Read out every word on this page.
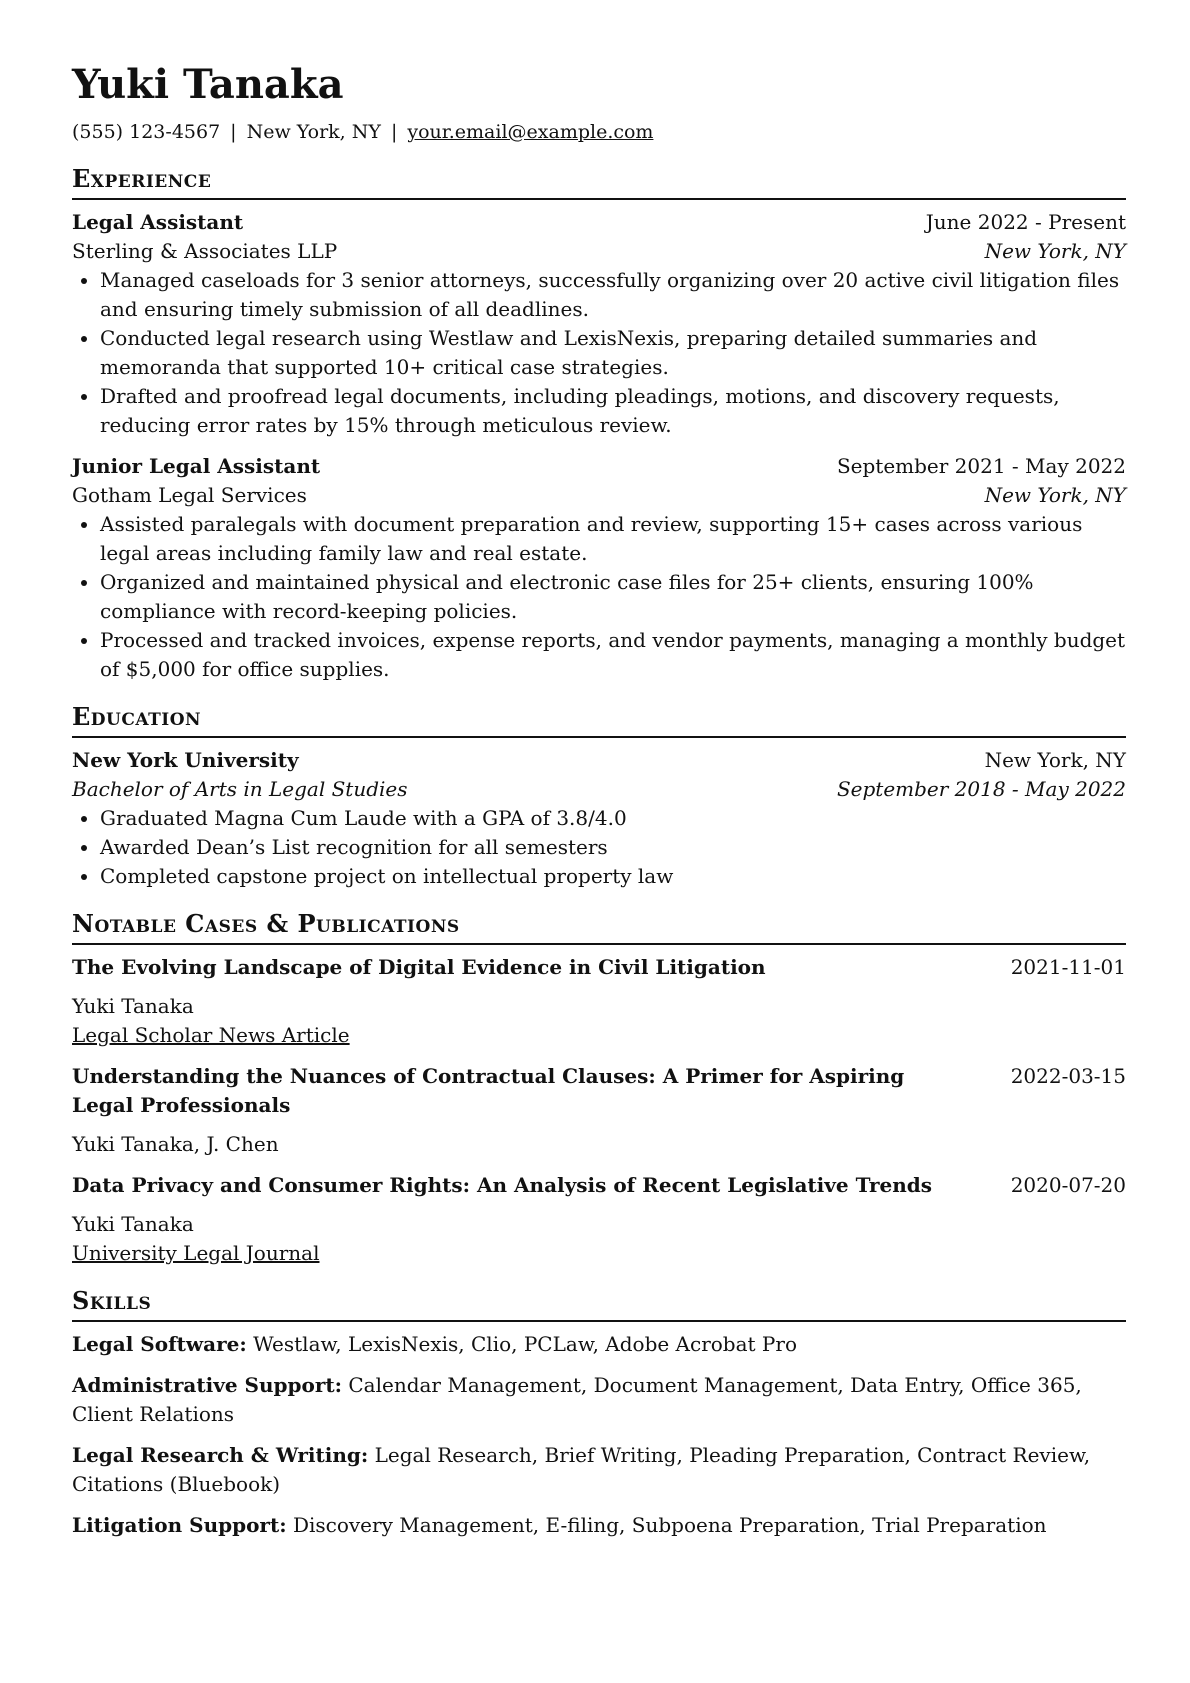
Yuki Tanaka
(555) 123-4567 | New York, NY | your.email@example.com
Experience
Legal Assistant	June 2022 - Present
Sterling & Associates LLP	New York, NY
• Managed caseloads for 3 senior attorneys, successfully organizing over 20 active civil litigation files and ensuring timely submission of all deadlines.
• Conducted legal research using Westlaw and LexisNexis, preparing detailed summaries and memoranda that supported 10+ critical case strategies.
• Drafted and proofread legal documents, including pleadings, motions, and discovery requests, reducing error rates by 15% through meticulous review.
Junior Legal Assistant	September 2021 - May 2022
Gotham Legal Services	New York, NY
• Assisted paralegals with document preparation and review, supporting 15+ cases across various legal areas including family law and real estate.
• Organized and maintained physical and electronic case files for 25+ clients, ensuring 100% compliance with record-keeping policies.
• Processed and tracked invoices, expense reports, and vendor payments, managing a monthly budget of $5,000 for office supplies.
Education
New York University	New York, NY
Bachelor of Arts in Legal Studies	September 2018 - May 2022
• Graduated Magna Cum Laude with a GPA of 3.8/4.0
• Awarded Dean’s List recognition for all semesters
• Completed capstone project on intellectual property law
Notable Cases & Publications
The Evolving Landscape of Digital Evidence in Civil Litigation	2021-11-01
Yuki Tanaka
Legal Scholar News Article
Understanding the Nuances of Contractual Clauses: A Primer for Aspiring Legal Professionals
2022-03-15
Yuki Tanaka, J. Chen
Data Privacy and Consumer Rights: An Analysis of Recent Legislative Trends	2020-07-20
Yuki Tanaka
University Legal Journal
Skills
Legal Software: Westlaw, LexisNexis, Clio, PCLaw, Adobe Acrobat Pro
Administrative Support: Calendar Management, Document Management, Data Entry, Office 365, Client Relations
Legal Research & Writing: Legal Research, Brief Writing, Pleading Preparation, Contract Review, Citations (Bluebook)
Litigation Support: Discovery Management, E-filing, Subpoena Preparation, Trial Preparation
